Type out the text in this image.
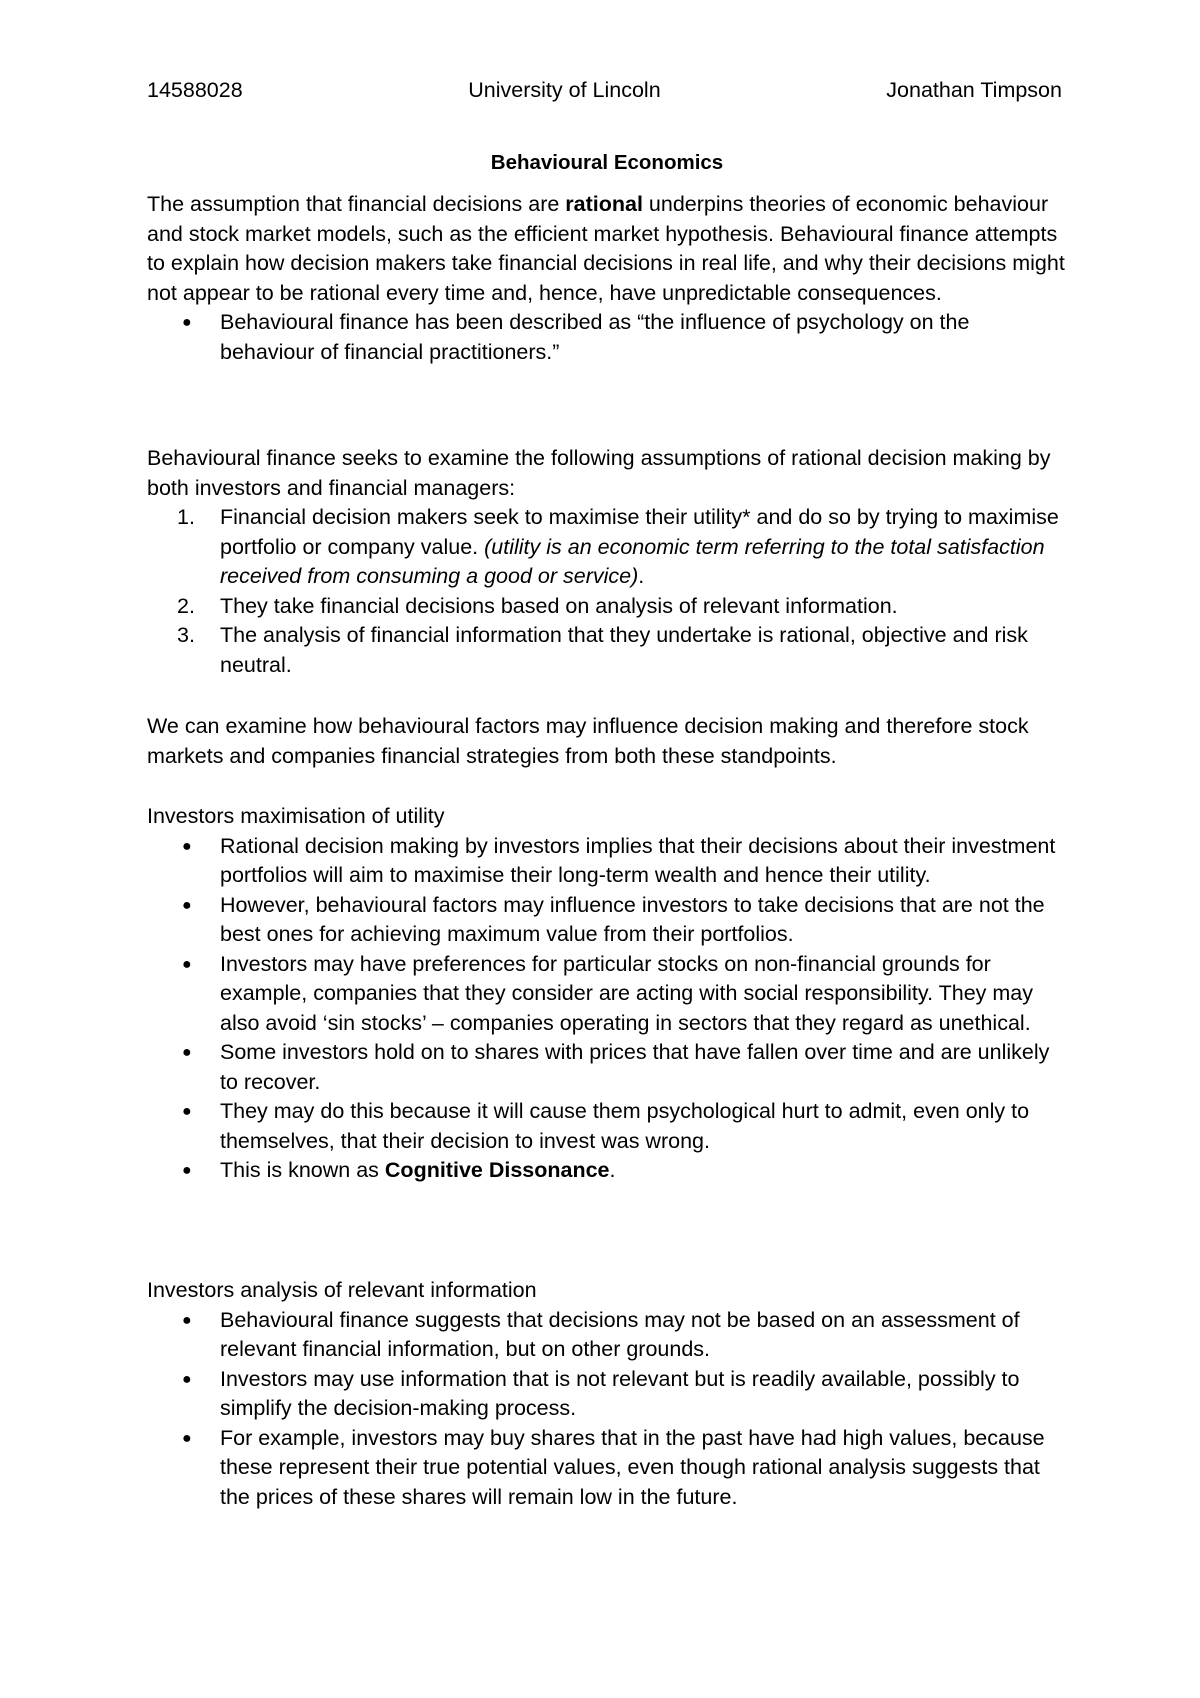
14588028	University of Lincoln	Jonathan Timpson
Behavioural Economics

The assumption that financial decisions are rational underpins theories of economic behaviour and stock market models, such as the efficient market hypothesis. Behavioural finance attempts to explain how decision makers take financial decisions in real life, and why their decisions might not appear to be rational every time and, hence, have unpredictable consequences.

●	Behavioural finance has been described as “the influence of psychology on the behaviour of financial practitioners.”

Behavioural finance seeks to examine the following assumptions of rational decision making by both investors and financial managers:

1.	Financial decision makers seek to maximise their utility* and do so by trying to maximise portfolio or company value. (utility is an economic term referring to the total satisfaction received from consuming a good or service).
2.	They take financial decisions based on analysis of relevant information.
3.	The analysis of financial information that they undertake is rational, objective and risk neutral.

We can examine how behavioural factors may influence decision making and therefore stock markets and companies financial strategies from both these standpoints.

Investors maximisation of utility

●	Rational decision making by investors implies that their decisions about their investment portfolios will aim to maximise their long-term wealth and hence their utility.
●	However, behavioural factors may influence investors to take decisions that are not the best ones for achieving maximum value from their portfolios.
●	Investors may have preferences for particular stocks on non-financial grounds for example, companies that they consider are acting with social responsibility. They may also avoid ‘sin stocks’ – companies operating in sectors that they regard as unethical.
●	Some investors hold on to shares with prices that have fallen over time and are unlikely to recover.
●	They may do this because it will cause them psychological hurt to admit, even only to themselves, that their decision to invest was wrong.
●	This is known as Cognitive Dissonance.

Investors analysis of relevant information

●	Behavioural finance suggests that decisions may not be based on an assessment of relevant financial information, but on other grounds.
●	Investors may use information that is not relevant but is readily available, possibly to simplify the decision-making process.
●	For example, investors may buy shares that in the past have had high values, because these represent their true potential values, even though rational analysis suggests that the prices of these shares will remain low in the future.
